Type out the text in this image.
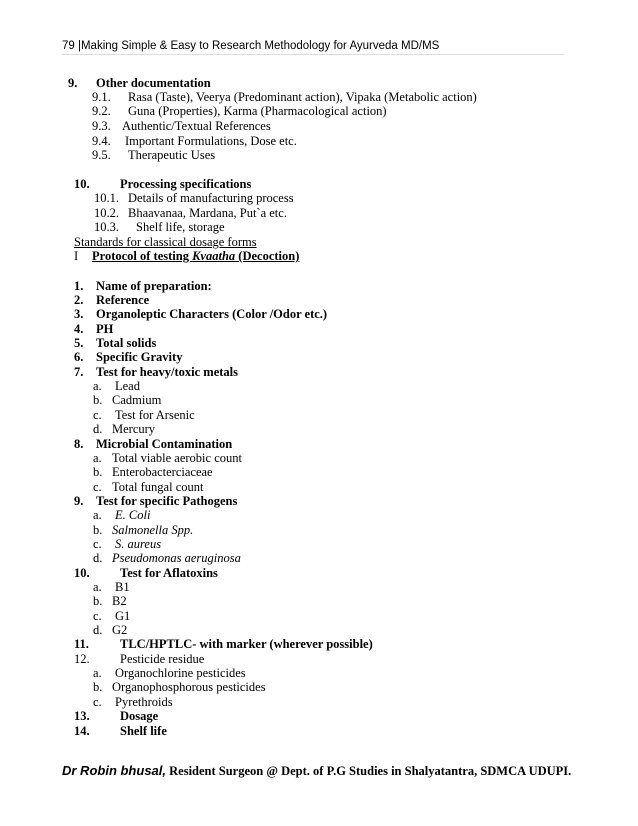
79 |Making Simple & Easy to Research Methodology for Ayurveda MD/MS
9. Other documentation
9.1. Rasa (Taste), Veerya (Predominant action), Vipaka (Metabolic action)
9.2. Guna (Properties), Karma (Pharmacological action)
9.3. Authentic/Textual References
9.4. Important Formulations, Dose etc.
9.5. Therapeutic Uses
10. Processing specifications
10.1. Details of manufacturing process
10.2. Bhaavanaa, Mardana, Put`a etc.
10.3. Shelf life, storage
Standards for classical dosage forms
I Protocol of testing Kvaatha (Decoction)
1. Name of preparation:
2. Reference
3. Organoleptic Characters (Color /Odor etc.)
4. PH
5. Total solids
6. Specific Gravity
7. Test for heavy/toxic metals
a. Lead
b. Cadmium
c. Test for Arsenic
d. Mercury
8. Microbial Contamination
a. Total viable aerobic count
b. Enterobacterciaceae
c. Total fungal count
9. Test for specific Pathogens
a. E. Coli
b. Salmonella Spp.
c. S. aureus
d. Pseudomonas aeruginosa
10. Test for Aflatoxins
a. B1
b. B2
c. G1
d. G2
11. TLC/HPTLC- with marker (wherever possible)
12. Pesticide residue
a. Organochlorine pesticides
b. Organophosphorous pesticides
c. Pyrethroids
13. Dosage
14. Shelf life
Dr Robin bhusal, Resident Surgeon @ Dept. of P.G Studies in Shalyatantra, SDMCA UDUPI.
